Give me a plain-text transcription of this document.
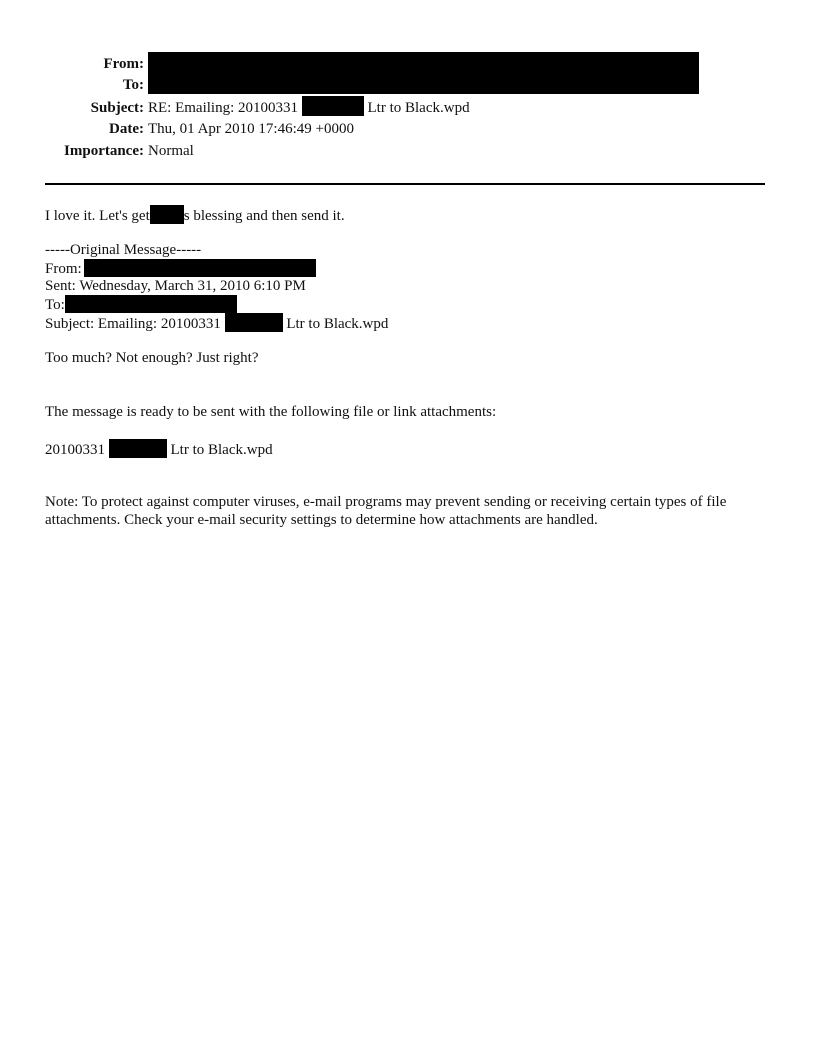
From:
To:
Subject: RE: Emailing: 20100331	Ltr to Black.wpd
Date: Thu, 01 Apr 2010 17:46:49 +0000
Importance: Normal
I love it. Let's get s blessing and then send it.
-----Original Message-----
From:
Sent: Wednesday, March 31, 2010 6:10 PM
To:
Subject: Emailing: 20100331	Ltr to Black.wpd
Too much? Not enough? Just right?
The message is ready to be sent with the following file or link attachments:
20100331	Ltr to Black.wpd
Note: To protect against computer viruses, e-mail programs may prevent sending or receiving certain types of file attachments. Check your e-mail security settings to determine how attachments are handled.
